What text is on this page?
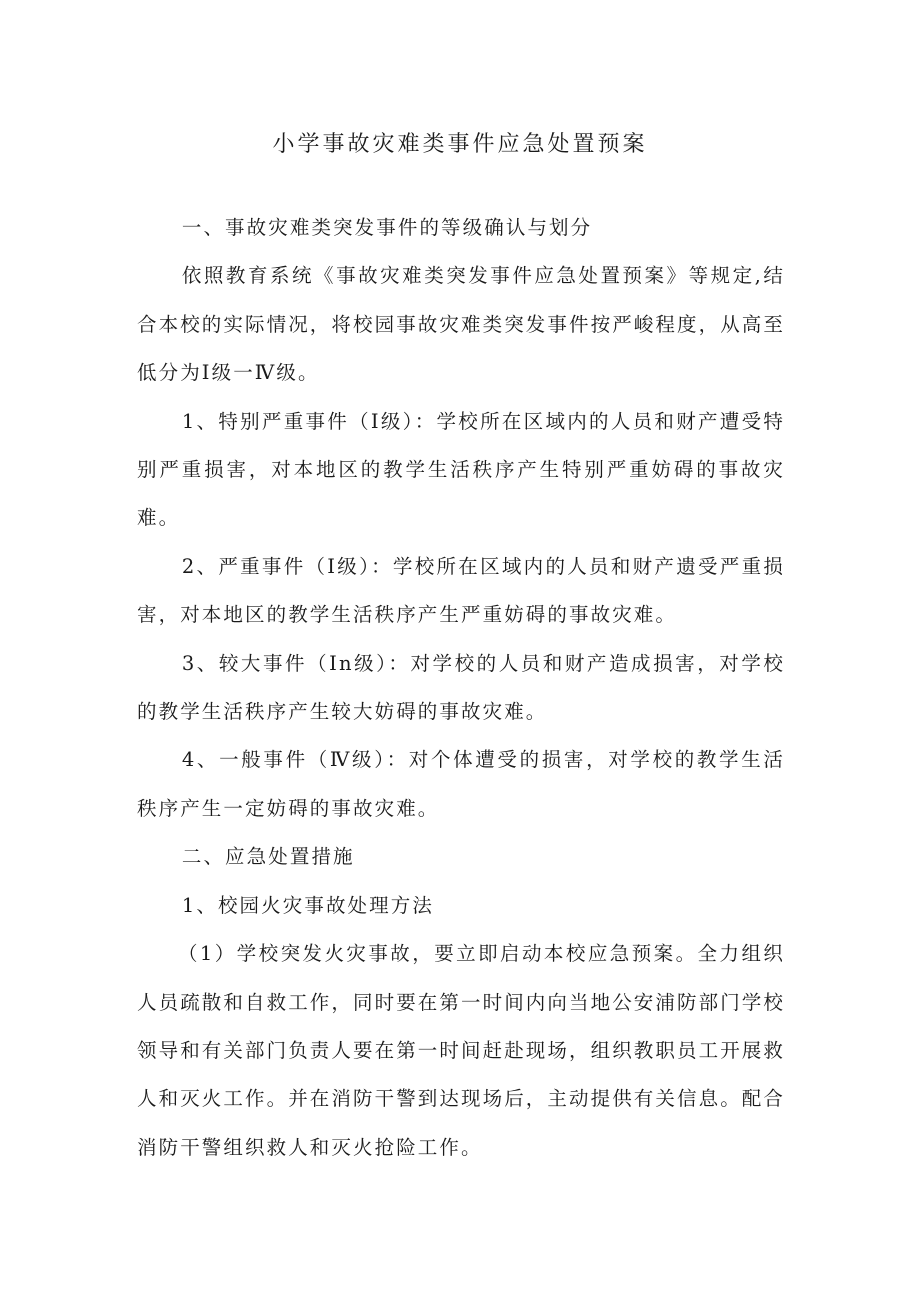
小学事故灾难类事件应急处置预案

一、事故灾难类突发事件的等级确认与划分

依照教育系统《事故灾难类突发事件应急处置预案》等规定,结合本校的实际情况，将校园事故灾难类突发事件按严峻程度，从高至低分为Ⅰ级一Ⅳ级。

1、特别严重事件（Ⅰ级）：学校所在区域内的人员和财产遭受特别严重损害，对本地区的教学生活秩序产生特别严重妨碍的事故灾难。

2、严重事件（Ⅰ级）：学校所在区域内的人员和财产遗受严重损害，对本地区的教学生活秩序产生严重妨碍的事故灾难。

3、较大事件（In级）：对学校的人员和财产造成损害，对学校的教学生活秩序产生较大妨碍的事故灾难。

4、一般事件（Ⅳ级）：对个体遭受的损害，对学校的教学生活秩序产生一定妨碍的事故灾难。

二、应急处置措施

1、校园火灾事故处理方法

（1）学校突发火灾事故，要立即启动本校应急预案。全力组织人员疏散和自救工作，同时要在第一时间内向当地公安浦防部门学校领导和有关部门负责人要在第一时间赶赴现场，组织教职员工开展救人和灭火工作。并在消防干警到达现场后，主动提供有关信息。配合消防干警组织救人和灭火抢险工作。
